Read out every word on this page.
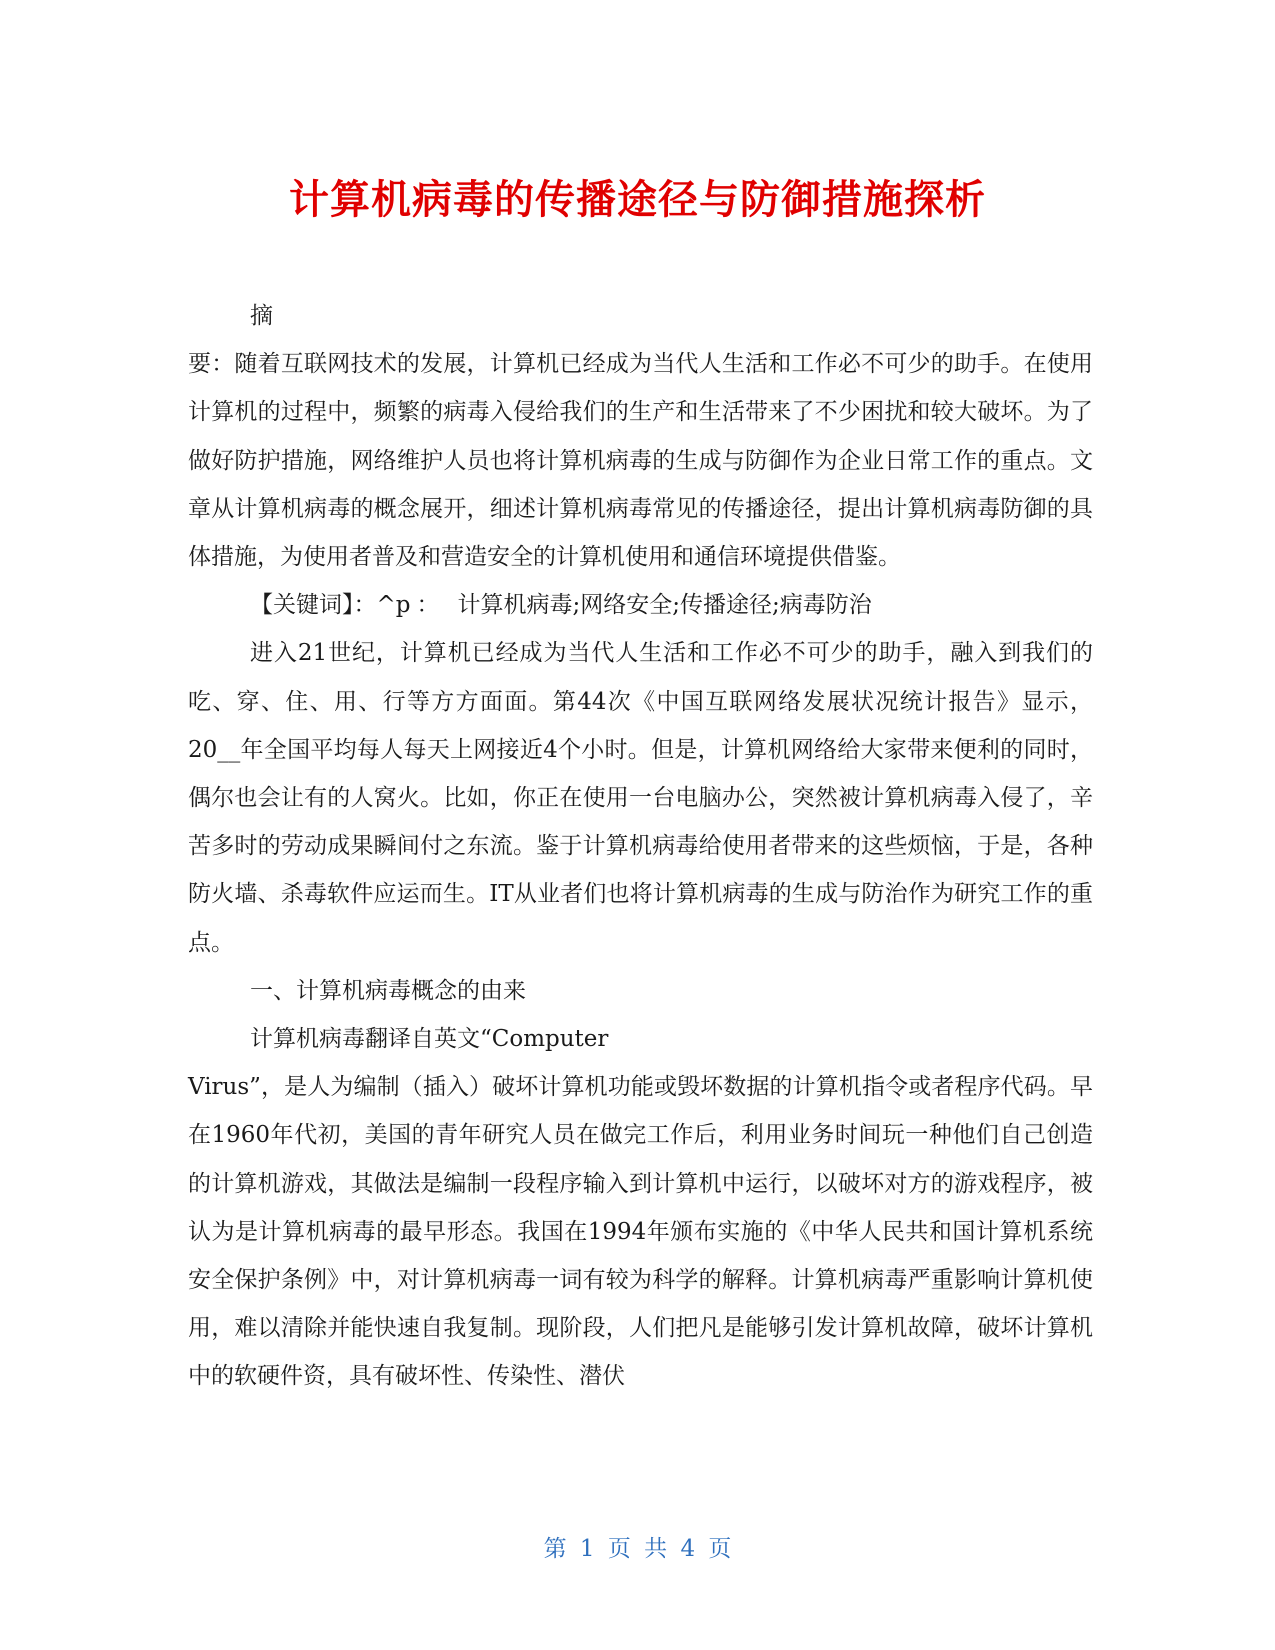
计算机病毒的传播途径与防御措施探析

摘

要：随着互联网技术的发展，计算机已经成为当代人生活和工作必不可少的助手。在使用计算机的过程中，频繁的病毒入侵给我们的生产和生活带来了不少困扰和较大破坏。为了做好防护措施，网络维护人员也将计算机病毒的生成与防御作为企业日常工作的重点。文章从计算机病毒的概念展开，细述计算机病毒常见的传播途径，提出计算机病毒防御的具体措施，为使用者普及和营造安全的计算机使用和通信环境提供借鉴。

【关键词】：^p ： 计算机病毒;网络安全;传播途径;病毒防治

进入21世纪，计算机已经成为当代人生活和工作必不可少的助手，融入到我们的吃、穿、住、用、行等方方面面。第44次《中国互联网络发展状况统计报告》显示，20__年全国平均每人每天上网接近4个小时。但是，计算机网络给大家带来便利的同时，偶尔也会让有的人窝火。比如，你正在使用一台电脑办公，突然被计算机病毒入侵了，辛苦多时的劳动成果瞬间付之东流。鉴于计算机病毒给使用者带来的这些烦恼，于是，各种防火墙、杀毒软件应运而生。IT从业者们也将计算机病毒的生成与防治作为研究工作的重点。

一、计算机病毒概念的由来

计算机病毒翻译自英文“Computer

Virus”，是人为编制（插入）破坏计算机功能或毁坏数据的计算机指令或者程序代码。早在1960年代初，美国的青年研究人员在做完工作后，利用业务时间玩一种他们自己创造的计算机游戏，其做法是编制一段程序输入到计算机中运行，以破坏对方的游戏程序，被认为是计算机病毒的最早形态。我国在1994年颁布实施的《中华人民共和国计算机系统安全保护条例》中，对计算机病毒一词有较为科学的解释。计算机病毒严重影响计算机使用，难以清除并能快速自我复制。现阶段，人们把凡是能够引发计算机故障，破坏计算机中的软硬件资，具有破坏性、传染性、潜伏

第 1 页 共 4 页
